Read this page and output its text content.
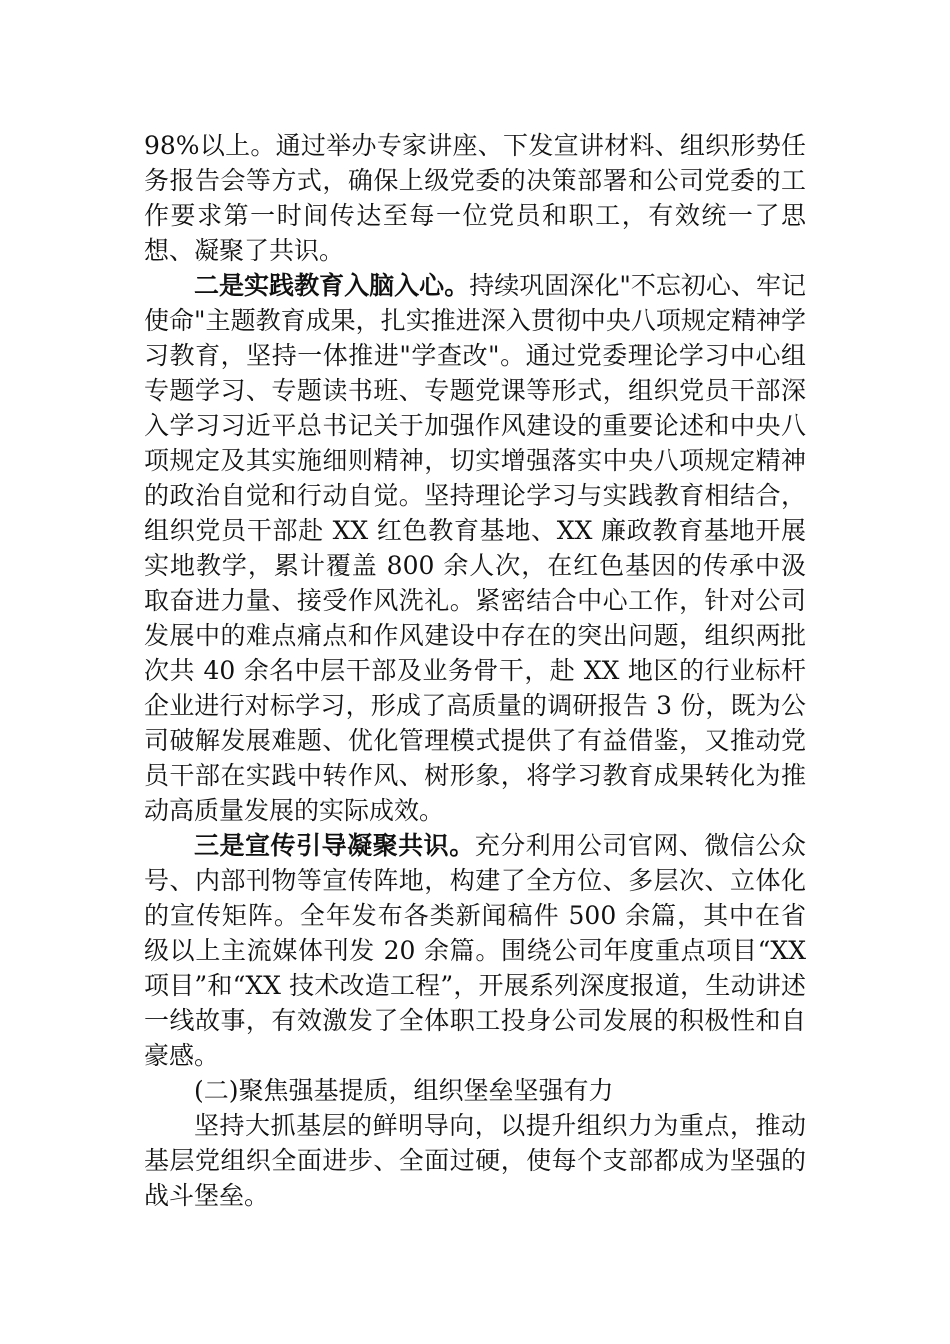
98%以上。通过举办专家讲座、下发宣讲材料、组织形势任务报告会等方式，确保上级党委的决策部署和公司党委的工作要求第一时间传达至每一位党员和职工，有效统一了思想、凝聚了共识。

二是实践教育入脑入心。持续巩固深化"不忘初心、牢记使命"主题教育成果，扎实推进深入贯彻中央八项规定精神学习教育，坚持一体推进"学查改"。通过党委理论学习中心组专题学习、专题读书班、专题党课等形式，组织党员干部深入学习习近平总书记关于加强作风建设的重要论述和中央八项规定及其实施细则精神，切实增强落实中央八项规定精神的政治自觉和行动自觉。坚持理论学习与实践教育相结合，组织党员干部赴 XX 红色教育基地、XX 廉政教育基地开展实地教学，累计覆盖 800 余人次，在红色基因的传承中汲取奋进力量、接受作风洗礼。紧密结合中心工作，针对公司发展中的难点痛点和作风建设中存在的突出问题，组织两批次共 40 余名中层干部及业务骨干，赴 XX 地区的行业标杆企业进行对标学习，形成了高质量的调研报告 3 份，既为公司破解发展难题、优化管理模式提供了有益借鉴，又推动党员干部在实践中转作风、树形象，将学习教育成果转化为推动高质量发展的实际成效。

三是宣传引导凝聚共识。充分利用公司官网、微信公众号、内部刊物等宣传阵地，构建了全方位、多层次、立体化的宣传矩阵。全年发布各类新闻稿件 500 余篇，其中在省级以上主流媒体刊发 20 余篇。围绕公司年度重点项目“XX 项目”和“XX 技术改造工程”，开展系列深度报道，生动讲述一线故事，有效激发了全体职工投身公司发展的积极性和自豪感。

(二)聚焦强基提质，组织堡垒坚强有力

坚持大抓基层的鲜明导向，以提升组织力为重点，推动基层党组织全面进步、全面过硬，使每个支部都成为坚强的战斗堡垒。
